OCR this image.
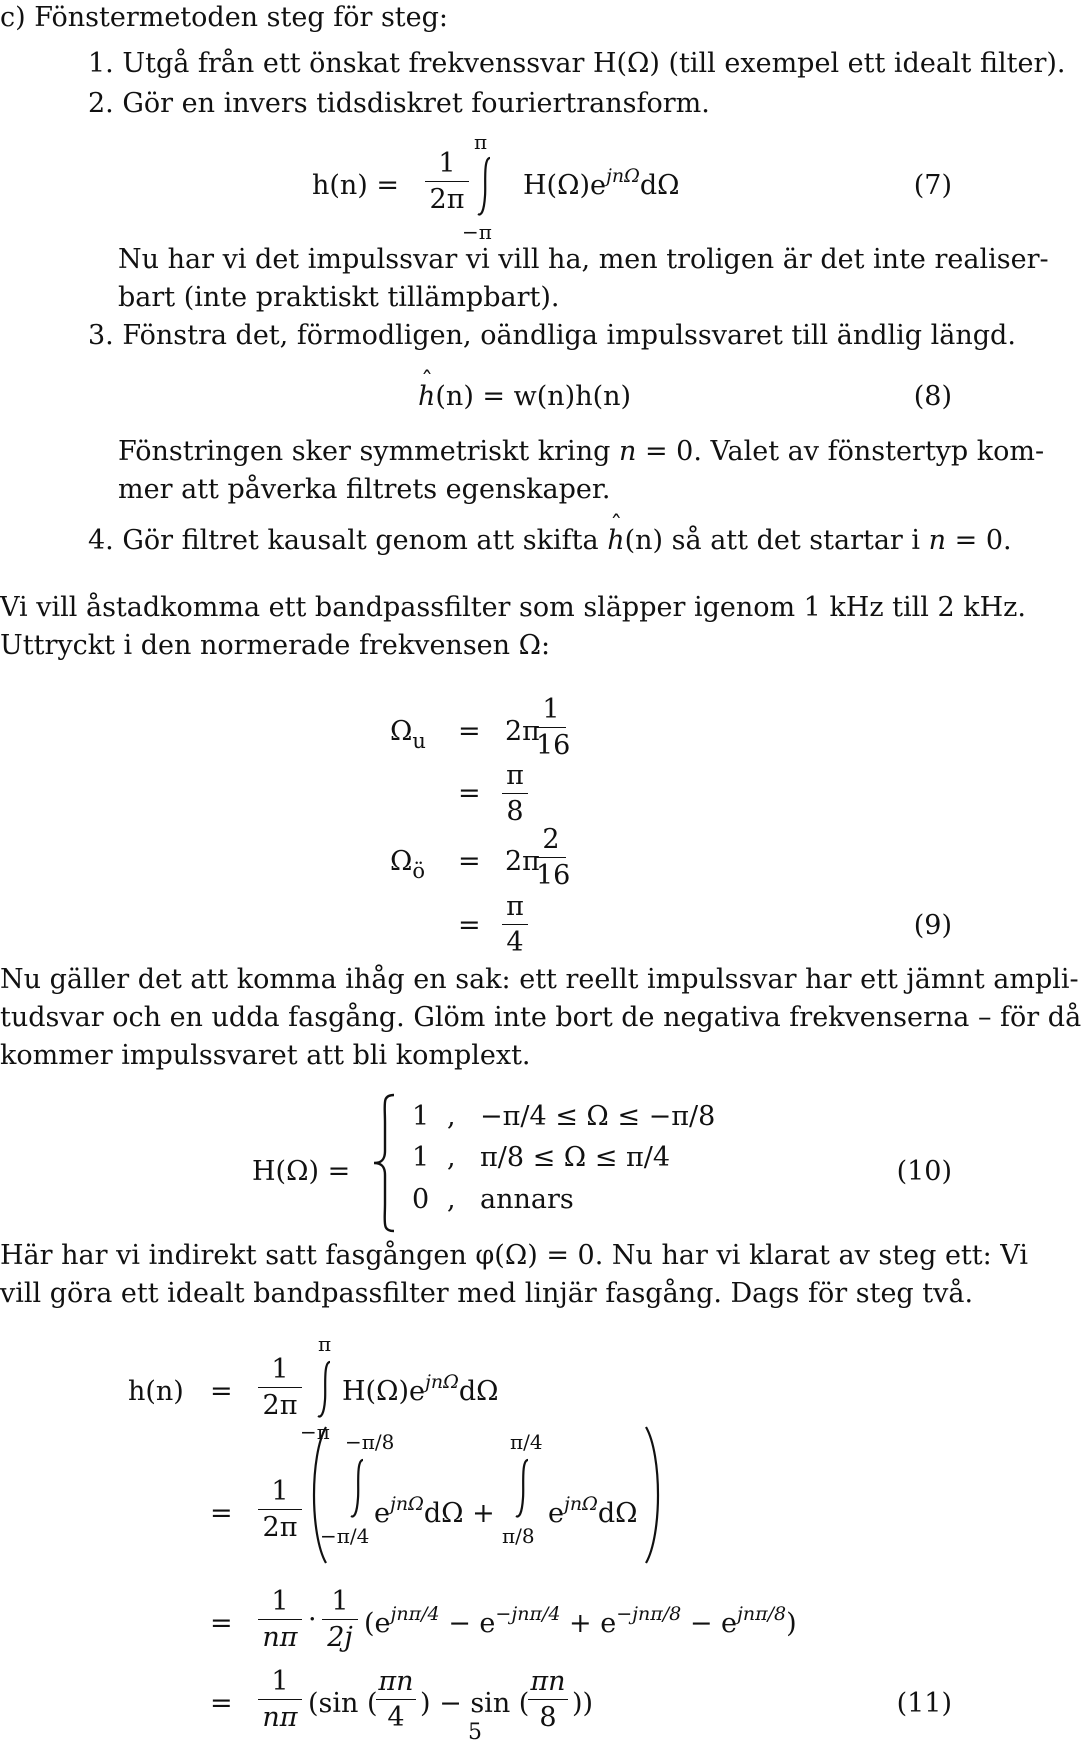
c) Fönstermetoden steg för steg:
1. Utgå från ett önskat frekvenssvar H(Ω) (till exempel ett idealt filter).
2. Gör en invers tidsdiskret fouriertransform.
h(n) =
1
2π
π
−π
$H(\Omega)e^{jn\Omega}d\Omega$	(7)
Nu har vi det impulssvar vi vill ha, men troligen är det inte realiser-
bart (inte praktiskt tillämpbart).
3. Fönstra det, förmodligen, oändliga impulssvaret till ändlig längd.
ˆ h(n) = w(n)h(n)	(8)
Fönstringen sker symmetriskt kring n = 0. Valet av fönstertyp kom-
mer att påverka filtrets egenskaper.
4. Gör filtret kausalt genom att skifta ˆ h(n) så att det startar i n = 0.
Vi vill åstadkomma ett bandpassfilter som släpper igenom 1 kHz till 2 kHz.
Uttryckt i den normerade frekvensen Ω:
$\Omega_u = 2\pi$
1
16
=
π
8
$\Omega_ö = 2\pi$
2
16
=
π
4
(9)
Nu gäller det att komma ihåg en sak: ett reellt impulssvar har ett jämnt ampli-
tudsvar och en udda fasgång. Glöm inte bort de negativa frekvenserna – för då
kommer impulssvaret att bli komplext.
H(Ω) =
1 , −π/4 ≤ Ω ≤ −π/8
1 , π/8 ≤ Ω ≤ π/4
0 , annars
(10)
Här har vi indirekt satt fasgången φ(Ω) = 0. Nu har vi klarat av steg ett: Vi
vill göra ett idealt bandpassfilter med linjär fasgång. Dags för steg två.
h(n) =
1
2π
π
−π
$H(\Omega)e^{jn\Omega}d\Omega$
=
1
2π
−π/8
−π/4
$e^{jn\Omega}d\Omega$ +
π/4
π/8
$e^{jn\Omega}d\Omega$
=
1
nπ
·
1
2j $(e^{jn\pi/4} - e^{-jn\pi/4} + e^{-jn\pi/8} - e^{jn\pi/8})$
=
1
nπ (sin (
πn
4 ) − sin (
πn
8 ))	(11)
5
